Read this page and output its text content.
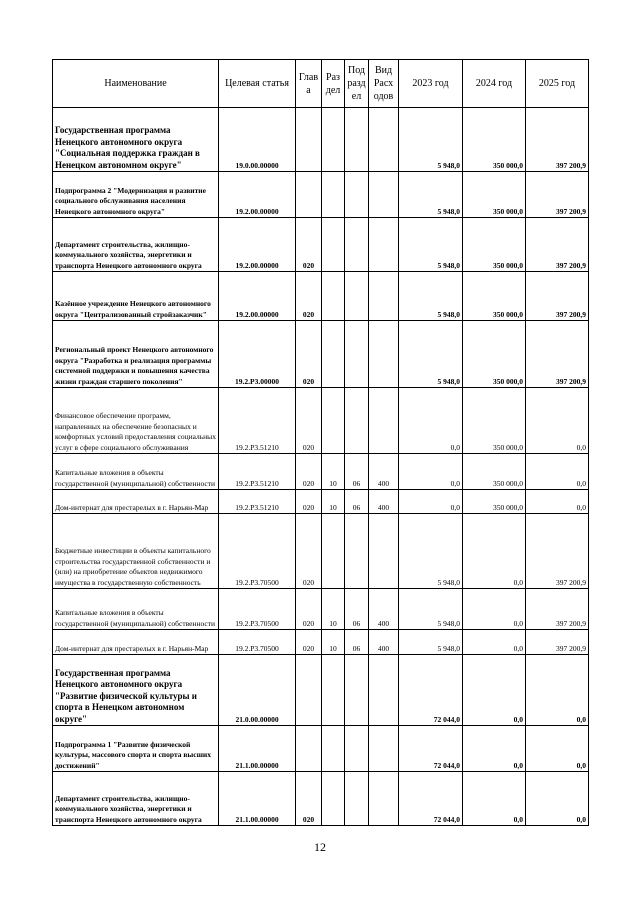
Наименование	Целевая статья	Глав а	Раз дел	Под разд ел	Вид Расх одов	2023 год	2024 год	2025 год
Государственная программа Ненецкого автономного округа "Социальная поддержка граждан в Ненецком автономном округе"	19.0.00.00000					5 948,0	350 000,0	397 200,9
Подпрограмма 2 "Модернизация и развитие социального обслуживания населения Ненецкого автономного округа"	19.2.00.00000					5 948,0	350 000,0	397 200,9
Департамент строительства, жилищно-коммунального хозяйства, энергетики и транспорта Ненецкого автономного округа	19.2.00.00000	020				5 948,0	350 000,0	397 200,9
Казённое учреждение Ненецкого автономного округа "Централизованный стройзаказчик"	19.2.00.00000	020				5 948,0	350 000,0	397 200,9
Региональный проект Ненецкого автономного округа "Разработка и реализация программы системной поддержки и повышения качества жизни граждан старшего поколения"	19.2.Р3.00000	020				5 948,0	350 000,0	397 200,9
Финансовое обеспечение программ, направленных на обеспечение безопасных и комфортных условий предоставления социальных услуг в сфере социального обслуживания	19.2.Р3.51210	020				0,0	350 000,0	0,0
Капитальные вложения в объекты государственной (муниципальной) собственности	19.2.Р3.51210	020	10	06	400	0,0	350 000,0	0,0
Дом-интернат для престарелых в г. Нарьян-Мар	19.2.Р3.51210	020	10	06	400	0,0	350 000,0	0,0
Бюджетные инвестиции в объекты капитального строительства государственной собственности и (или) на приобретение объектов недвижимого имущества в государственную собственность	19.2.Р3.70500	020				5 948,0	0,0	397 200,9
Капитальные вложения в объекты государственной (муниципальной) собственности	19.2.Р3.70500	020	10	06	400	5 948,0	0,0	397 200,9
Дом-интернат для престарелых в г. Нарьян-Мар	19.2.Р3.70500	020	10	06	400	5 948,0	0,0	397 200,9
Государственная программа Ненецкого автономного округа "Развитие физической культуры и спорта в Ненецком автономном округе"	21.0.00.00000					72 044,0	0,0	0,0
Подпрограмма 1 "Развитие физической культуры, массового спорта и спорта высших достижений"	21.1.00.00000					72 044,0	0,0	0,0
Департамент строительства, жилищно-коммунального хозяйства, энергетики и транспорта Ненецкого автономного округа	21.1.00.00000	020				72 044,0	0,0	0,0
12
